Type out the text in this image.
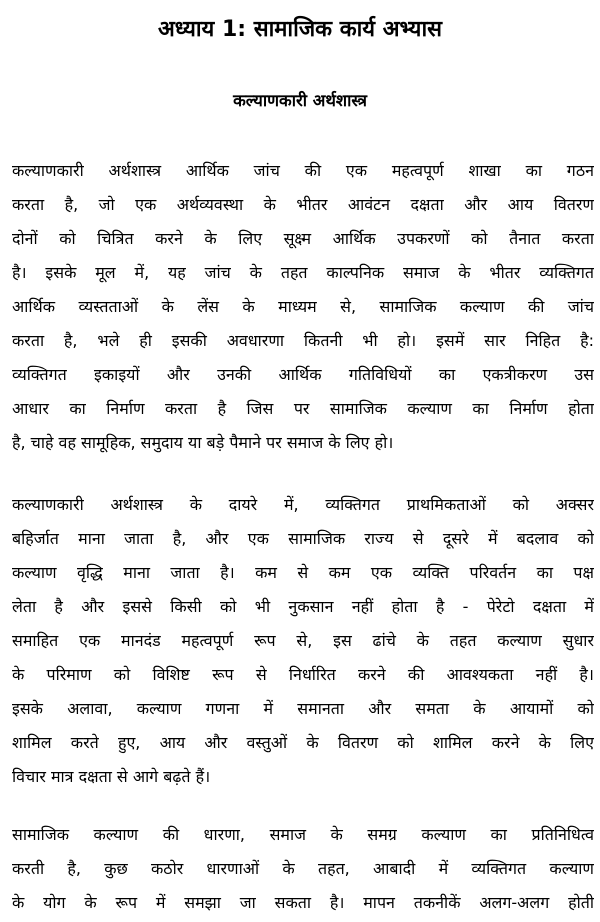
अध्याय 1: सामाजिक कार्य अभ्यास
कल्याणकारी अर्थशास्त्र
कल्याणकारी अर्थशास्त्र आर्थिक जांच की एक महत्वपूर्ण शाखा का गठन
करता है, जो एक अर्थव्यवस्था के भीतर आवंटन दक्षता और आय वितरण
दोनों को चित्रित करने के लिए सूक्ष्म आर्थिक उपकरणों को तैनात करता
है। इसके मूल में, यह जांच के तहत काल्पनिक समाज के भीतर व्यक्तिगत
आर्थिक व्यस्तताओं के लेंस के माध्यम से, सामाजिक कल्याण की जांच
करता है, भले ही इसकी अवधारणा कितनी भी हो। इसमें सार निहित है:
व्यक्तिगत इकाइयों और उनकी आर्थिक गतिविधियों का एकत्रीकरण उस
आधार का निर्माण करता है जिस पर सामाजिक कल्याण का निर्माण होता
है, चाहे वह सामूहिक, समुदाय या बड़े पैमाने पर समाज के लिए हो।
कल्याणकारी अर्थशास्त्र के दायरे में, व्यक्तिगत प्राथमिकताओं को अक्सर
बहिर्जात माना जाता है, और एक सामाजिक राज्य से दूसरे में बदलाव को
कल्याण वृद्धि माना जाता है। कम से कम एक व्यक्ति परिवर्तन का पक्ष
लेता है और इससे किसी को भी नुकसान नहीं होता है - पेरेटो दक्षता में
समाहित एक मानदंड महत्वपूर्ण रूप से, इस ढांचे के तहत कल्याण सुधार
के परिमाण को विशिष्ट रूप से निर्धारित करने की आवश्यकता नहीं है।
इसके अलावा, कल्याण गणना में समानता और समता के आयामों को
शामिल करते हुए, आय और वस्तुओं के वितरण को शामिल करने के लिए
विचार मात्र दक्षता से आगे बढ़ते हैं।
सामाजिक कल्याण की धारणा, समाज के समग्र कल्याण का प्रतिनिधित्व
करती है, कुछ कठोर धारणाओं के तहत, आबादी में व्यक्तिगत कल्याण
के योग के रूप में समझा जा सकता है। मापन तकनीकें अलग-अलग होती
